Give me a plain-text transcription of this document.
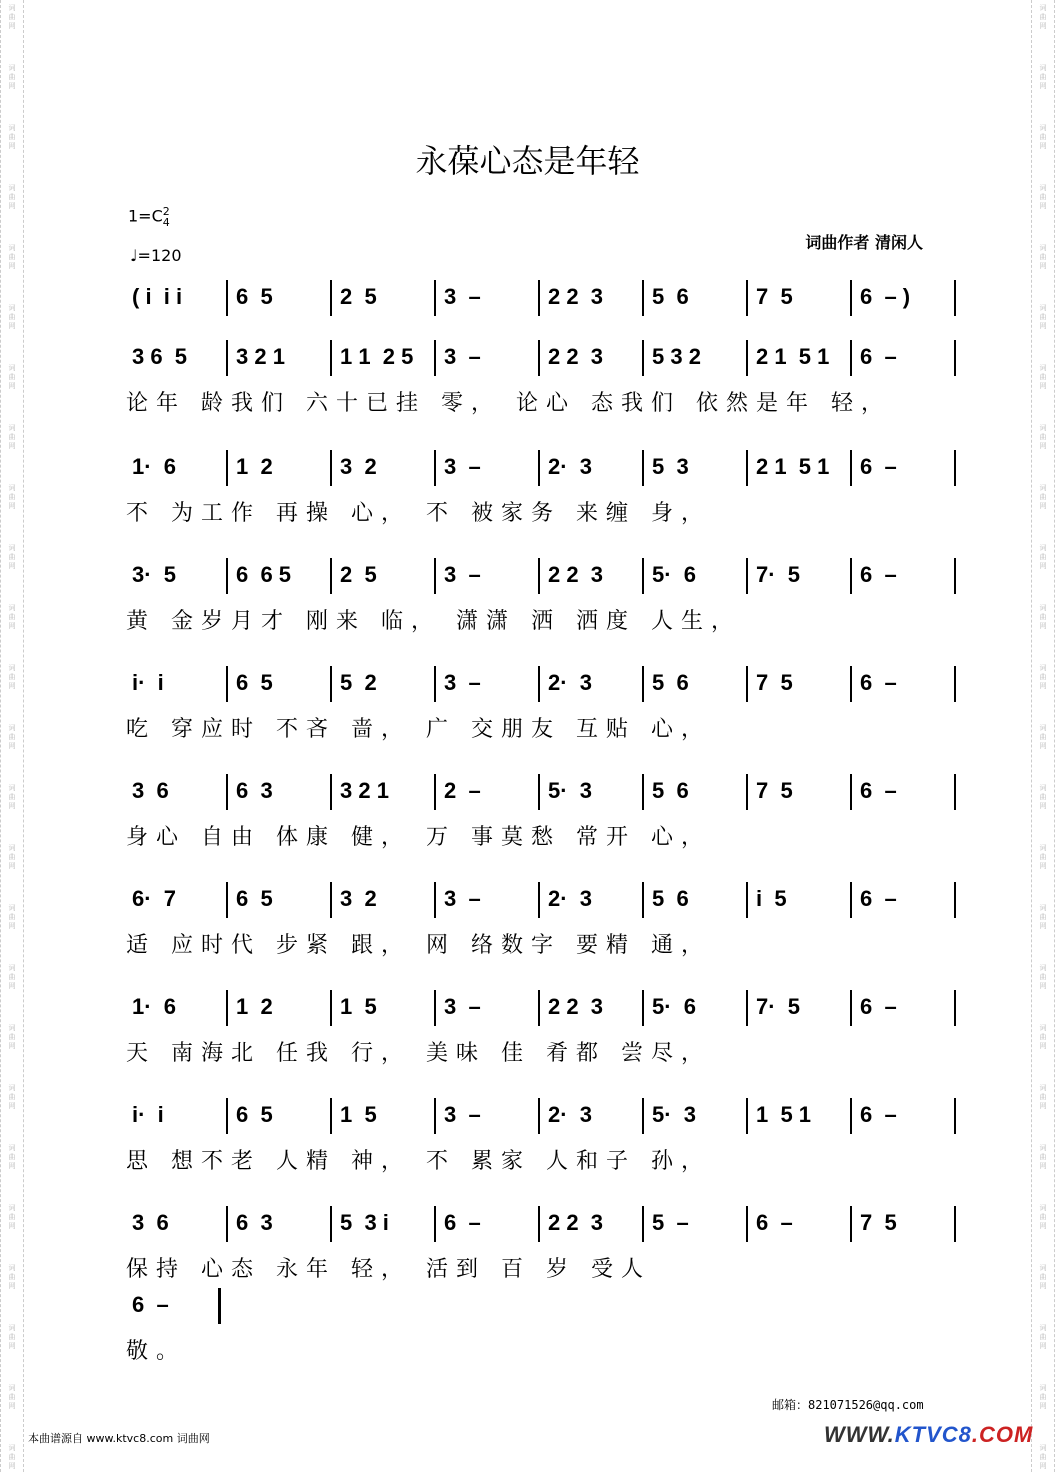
词
曲
网
词
曲
网
词
曲
网
词
曲
网
词
曲
网
词
曲
网
词
曲
网
词
曲
网
词
曲
网
词
曲
网
词
曲
网
词
曲
网
词
曲
网
词
曲
网
词
曲
网
词
曲
网
词
曲
网
词
曲
网
词
曲
网
词
曲
网
词
曲
网
词
曲
网
词
曲
网
词
曲
网
词
曲
网
词
曲
网
词
曲
网
词
曲
网
词
曲
网
词
曲
网
词
曲
网
词
曲
网
词
曲
网
词
曲
网
词
曲
网
词
曲
网
词
曲
网
词
曲
网
词
曲
网
词
曲
网
词
曲
网
词
曲
网
词
曲
网
词
曲
网
词
曲
网
词
曲
网
词
曲
网
词
曲
网
词
曲
网
词
曲
网
永葆心态是年轻
1=C 2
4
♩=120
词曲作者 清闲人
( i  i i 6  5	2  5	3  –	2 2  3 5  6	7  5	6  – )
3 6  5 3 2 1	1 1  2 5 3  –	2 2  3 5 3 2	2 1  5 1 6  –
论年 龄我们 六十已挂 零， 论心 态我们 依然是年 轻，
1·  6	1  2	3  2	3  –	2·  3	5  3	2 1  5 1 6  –
不 为工作 再操 心， 不 被家务 来缠 身，
3·  5	6  6 5 2  5	3  –	2 2  3 5·  6	7·  5	6  –
黄 金岁月才 刚来 临， 潇潇 洒 洒度 人生，
i·  i	6  5	5  2	3  –	2·  3	5  6	7  5	6  –
吃 穿应时 不吝 啬， 广 交朋友 互贴 心，
3  6	6  3	3 2 1	2  –	5·  3	5  6	7  5	6  –
身心 自由 体康 健， 万 事莫愁 常开 心，
6·  7	6  5	3  2	3  –	2·  3	5  6	i  5	6  –
适 应时代 步紧 跟， 网 络数字 要精 通，
1·  6	1  2	1  5	3  –	2 2  3 5·  6	7·  5	6  –
天 南海北 任我 行， 美味 佳 肴都 尝尽，
i·  i	6  5	1  5	3  –	2·  3	5·  3	1  5 1 6  –
思 想不老 人精 神， 不 累家 人和子 孙，
3  6	6  3	5  3 i	6  –	2 2  3 5  –	6  –	7  5
保持 心态 永年 轻， 活到 百 岁 受人
6  –
敬。
邮箱：821071526@qq.com
本曲谱源自 www.ktvc8.com 词曲网	WWW.KTVC8.COM
